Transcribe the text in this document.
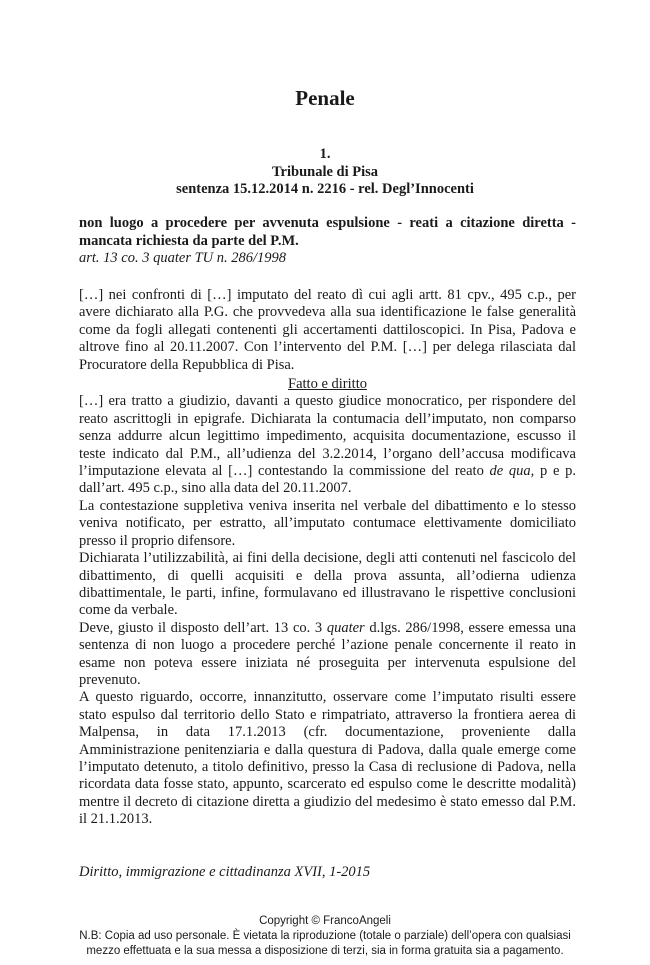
Penale
1.
Tribunale di Pisa
sentenza 15.12.2014 n. 2216 - rel. Degl’Innocenti
non luogo a procedere per avvenuta espulsione - reati a citazione diretta - mancata richiesta da parte del P.M.
art. 13 co. 3 quater TU n. 286/1998

[…] nei confronti di […] imputato del reato dì cui agli artt. 81 cpv., 495 c.p., per avere dichiarato alla P.G. che provvedeva alla sua identificazione le false generalità come da fogli allegati contenenti gli accertamenti dattiloscopici. In Pisa, Padova e altrove fino al 20.11.2007. Con l’intervento del P.M. […] per delega rilasciata dal Procuratore della Repubblica di Pisa.

Fatto e diritto

[…] era tratto a giudizio, davanti a questo giudice monocratico, per rispondere del reato ascrittogli in epigrafe. Dichiarata la contumacia dell’imputato, non comparso senza addurre alcun legittimo impedimento, acquisita documentazione, escusso il teste indicato dal P.M., all’udienza del 3.2.2014, l’organo dell’accusa modificava l’imputazione elevata al […] contestando la commissione del reato de qua, p e p. dall’art. 495 c.p., sino alla data del 20.11.2007.

La contestazione suppletiva veniva inserita nel verbale del dibattimento e lo stesso veniva notificato, per estratto, all’imputato contumace elettivamente domiciliato presso il proprio difensore.

Dichiarata l’utilizzabilità, ai fini della decisione, degli atti contenuti nel fascicolo del dibattimento, di quelli acquisiti e della prova assunta, all’odierna udienza dibattimentale, le parti, infine, formulavano ed illustravano le rispettive conclusioni come da verbale.

Deve, giusto il disposto dell’art. 13 co. 3 quater d.lgs. 286/1998, essere emessa una sentenza di non luogo a procedere perché l’azione penale concernente il reato in esame non poteva essere iniziata né proseguita per intervenuta espulsione del prevenuto.

A questo riguardo, occorre, innanzitutto, osservare come l’imputato risulti essere stato espulso dal territorio dello Stato e rimpatriato, attraverso la frontiera aerea di Malpensa, in data 17.1.2013 (cfr. documentazione, proveniente dalla Amministrazione penitenziaria e dalla questura di Padova, dalla quale emerge come l’imputato detenuto, a titolo definitivo, presso la Casa di reclusione di Padova, nella ricordata data fosse stato, appunto, scarcerato ed espulso come le descritte modalità) mentre il decreto di citazione diretta a giudizio del medesimo è stato emesso dal P.M. il 21.1.2013.

Diritto, immigrazione e cittadinanza XVII, 1-2015
Copyright © FrancoAngeli
N.B: Copia ad uso personale. È vietata la riproduzione (totale o parziale) dell’opera con qualsiasi
mezzo effettuata e la sua messa a disposizione di terzi, sia in forma gratuita sia a pagamento.
